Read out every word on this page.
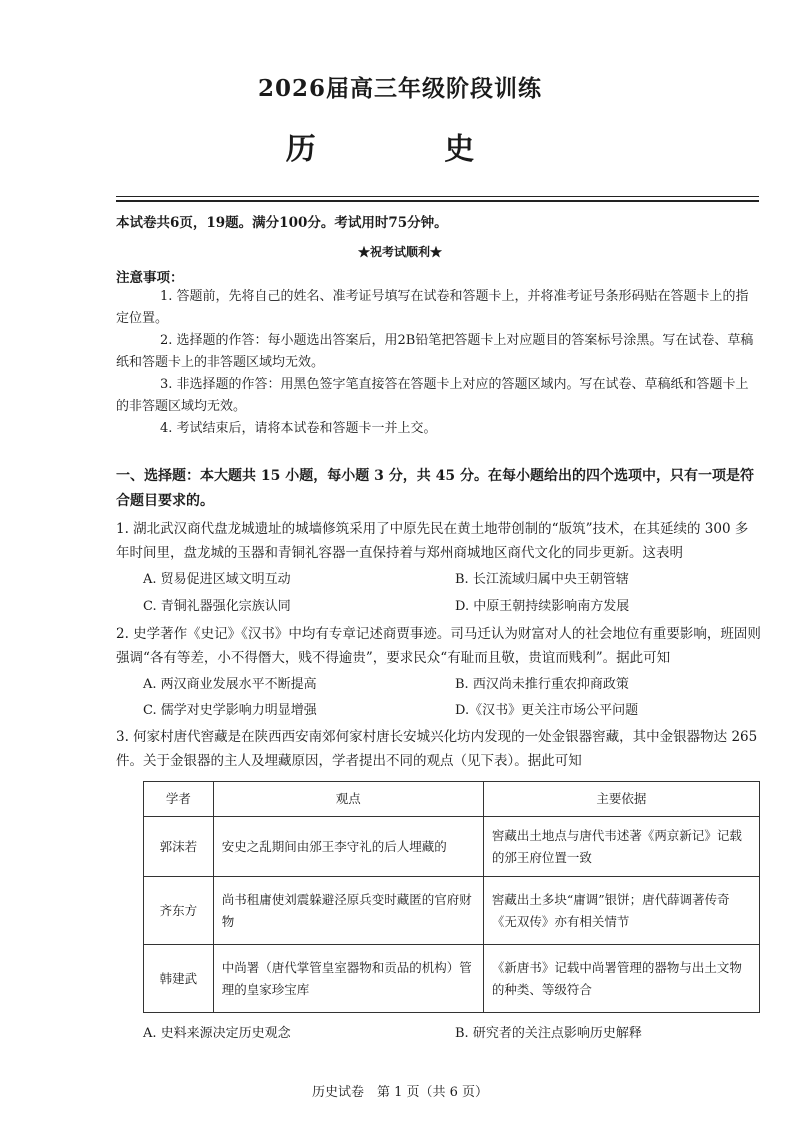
2026届高三年级阶段训练
历 史
本试卷共6页，19题。满分100分。考试用时75分钟。
★祝考试顺利★
注意事项：
1. 答题前，先将自己的姓名、准考证号填写在试卷和答题卡上，并将准考证号条形码贴在答题卡上的指定位置。
2. 选择题的作答：每小题选出答案后，用2B铅笔把答题卡上对应题目的答案标号涂黑。写在试卷、草稿纸和答题卡上的非答题区域均无效。
3. 非选择题的作答：用黑色签字笔直接答在答题卡上对应的答题区域内。写在试卷、草稿纸和答题卡上的非答题区域均无效。
4. 考试结束后，请将本试卷和答题卡一并上交。
一、选择题：本大题共 15 小题，每小题 3 分，共 45 分。在每小题给出的四个选项中，只有一项是符合题目要求的。
1. 湖北武汉商代盘龙城遗址的城墙修筑采用了中原先民在黄土地带创制的“版筑”技术，在其延续的 300 多年时间里，盘龙城的玉器和青铜礼容器一直保持着与郑州商城地区商代文化的同步更新。这表明
A. 贸易促进区域文明互动	B. 长江流域归属中央王朝管辖
C. 青铜礼器强化宗族认同	D. 中原王朝持续影响南方发展
2. 史学著作《史记》《汉书》中均有专章记述商贾事迹。司马迁认为财富对人的社会地位有重要影响，班固则强调“各有等差，小不得僭大，贱不得逾贵”，要求民众“有耻而且敬，贵谊而贱利”。据此可知
A. 两汉商业发展水平不断提高	B. 西汉尚未推行重农抑商政策
C. 儒学对史学影响力明显增强	D.《汉书》更关注市场公平问题
3. 何家村唐代窖藏是在陕西西安南郊何家村唐长安城兴化坊内发现的一处金银器窖藏，其中金银器物达 265 件。关于金银器的主人及埋藏原因，学者提出不同的观点（见下表）。据此可知
学者	观点	主要依据
郭沫若	安史之乱期间由邠王李守礼的后人埋藏的	窖藏出土地点与唐代韦述著《两京新记》记载的邠王府位置一致
齐东方	尚书租庸使刘震躲避泾原兵变时藏匿的官府财物	窖藏出土多块“庸调”银饼；唐代薛调著传奇《无双传》亦有相关情节
韩建武	中尚署（唐代掌管皇室器物和贡品的机构）管理的皇家珍宝库	《新唐书》记载中尚署管理的器物与出土文物的种类、等级符合
A. 史料来源决定历史观念	B. 研究者的关注点影响历史解释
历史试卷　第 1 页（共 6 页）
